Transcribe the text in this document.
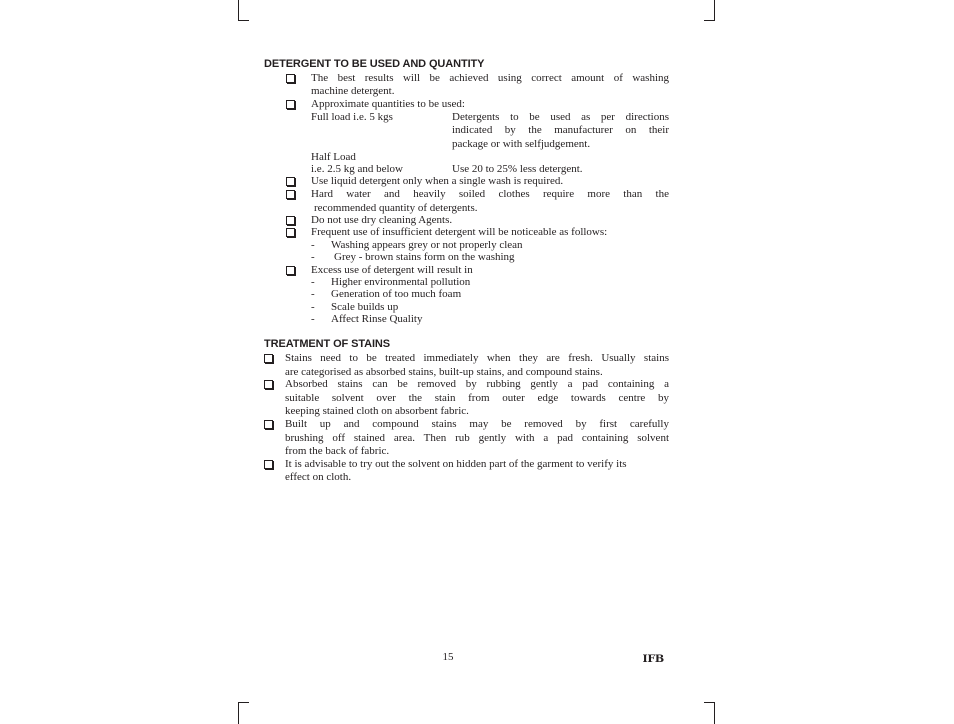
DETERGENT TO BE USED AND QUANTITY
The best results will be achieved using correct amount of washing
machine detergent.
Approximate quantities to be used:
Full load i.e. 5 kgs	Detergents to be used as per directions
indicated by the manufacturer on their
package or with selfjudgement.
Half Load
i.e. 2.5 kg and below	Use 20 to 25% less detergent.
Use liquid detergent only when a single wash is required.
Hard water and heavily soiled clothes require more than the
recommended quantity of detergents.
Do not use dry cleaning Agents.
Frequent use of insufficient detergent will be noticeable as follows:
- Washing appears grey or not properly clean
- Grey - brown stains form on the washing
Excess use of detergent will result in
- Higher environmental pollution
- Generation of too much foam
- Scale builds up
- Affect Rinse Quality
TREATMENT OF STAINS
Stains need to be treated immediately when they are fresh. Usually stains
are categorised as absorbed stains, built-up stains, and compound stains.
Absorbed stains can be removed by rubbing gently a pad containing a
suitable solvent over the stain from outer edge towards centre by
keeping stained cloth on absorbent fabric.
Built up and compound stains may be removed by first carefully
brushing off stained area. Then rub gently with a pad containing solvent
from the back of fabric.
It is advisable to try out the solvent on hidden part of the garment to verify its
effect on cloth.
15	IFB
